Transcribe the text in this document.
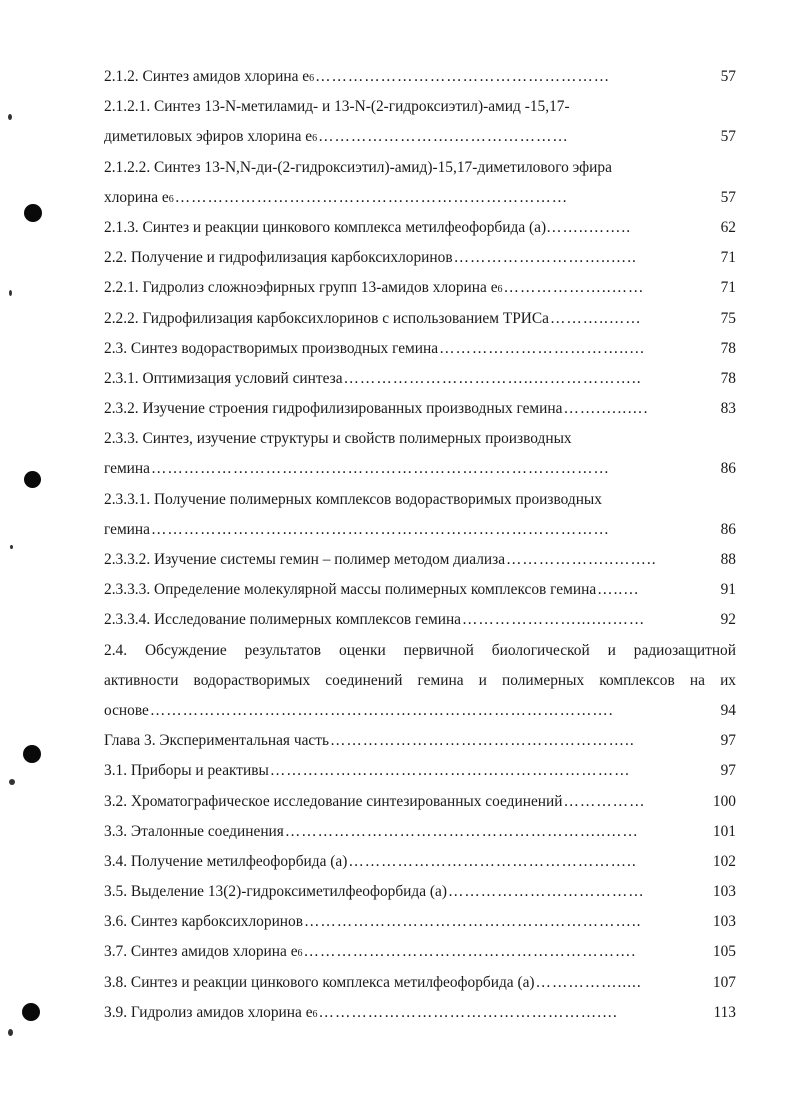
2.1.2. Синтез амидов хлорина e 6 ………………………………………………	57
2.1.2.1. Синтез 13-N-метиламид- и 13-N-(2-гидроксиэтил)-амид -15,17-
диметиловых эфиров хлорина e 6 …………………….…………………	57
2.1.2.2. Синтез 13-N,N-ди-(2-гидроксиэтил)-амид)-15,17-диметилового эфира
хлорина e 6 ………………………………………………………………	57
2.1.3. Синтез и реакции цинкового комплекса метилфеофорбида (а)… …..……..	62
2.2. Получение и гидрофилизация карбоксихлоринов ………………………..…..	71
2.2.1. Гидролиз сложноэфирных групп 13-амидов хлорина e 6 ………………..……	71
2.2.2. Гидрофилизация карбоксихлоринов с использованием ТРИСа ………..……	75
2.3. Синтез водорастворимых производных гемина ……………………………..…	78
2.3.1. Оптимизация условий синтеза ……………………………..………………..	78
2.3.2. Изучение строения гидрофилизированных производных гемина …….…..….	83
2.3.3. Синтез, изучение структуры и свойств полимерных производных
гемина …………………………………………………………………………	86
2.3.3.1. Получение полимерных комплексов водорастворимых производных
гемина …………………………………………………………………………	86
2.3.3.2. Изучение системы гемин – полимер методом диализа ………………..……..	88
2.3.3.3. Определение молекулярной массы полимерных комплексов гемина …..…	91
2.3.3.4. Исследование полимерных комплексов гемина …………………...….……	92
2.4. Обсуждение результатов оценки первичной биологической и радиозащитной
активности водорастворимых соединений гемина и полимерных комплексов на их
основе ………………………………………………………………………….	94
Глава 3. Экспериментальная часть ………………………………………………..	97
3.1. Приборы и реактивы …………………………………………………………	97
3.2. Хроматографическое исследование синтезированных соединений ……………	100
3.3. Эталонные соединения …………………………………………………..……	101
3.4. Получение метилфеофорбида (а) ……………………………………………..	102
3.5. Выделение 13(2)-гидроксиметилфеофорбида (а) ………………………………	103
3.6. Синтез карбоксихлоринов ……………………………………………………..	103
3.7. Синтез амидов хлорина e 6 …………………………………………………….	105
3.8. Синтез и реакции цинкового комплекса метилфеофорбида (а) …………….....	107
3.9. Гидролиз амидов хлорина e 6 …………………………………………….…	113
